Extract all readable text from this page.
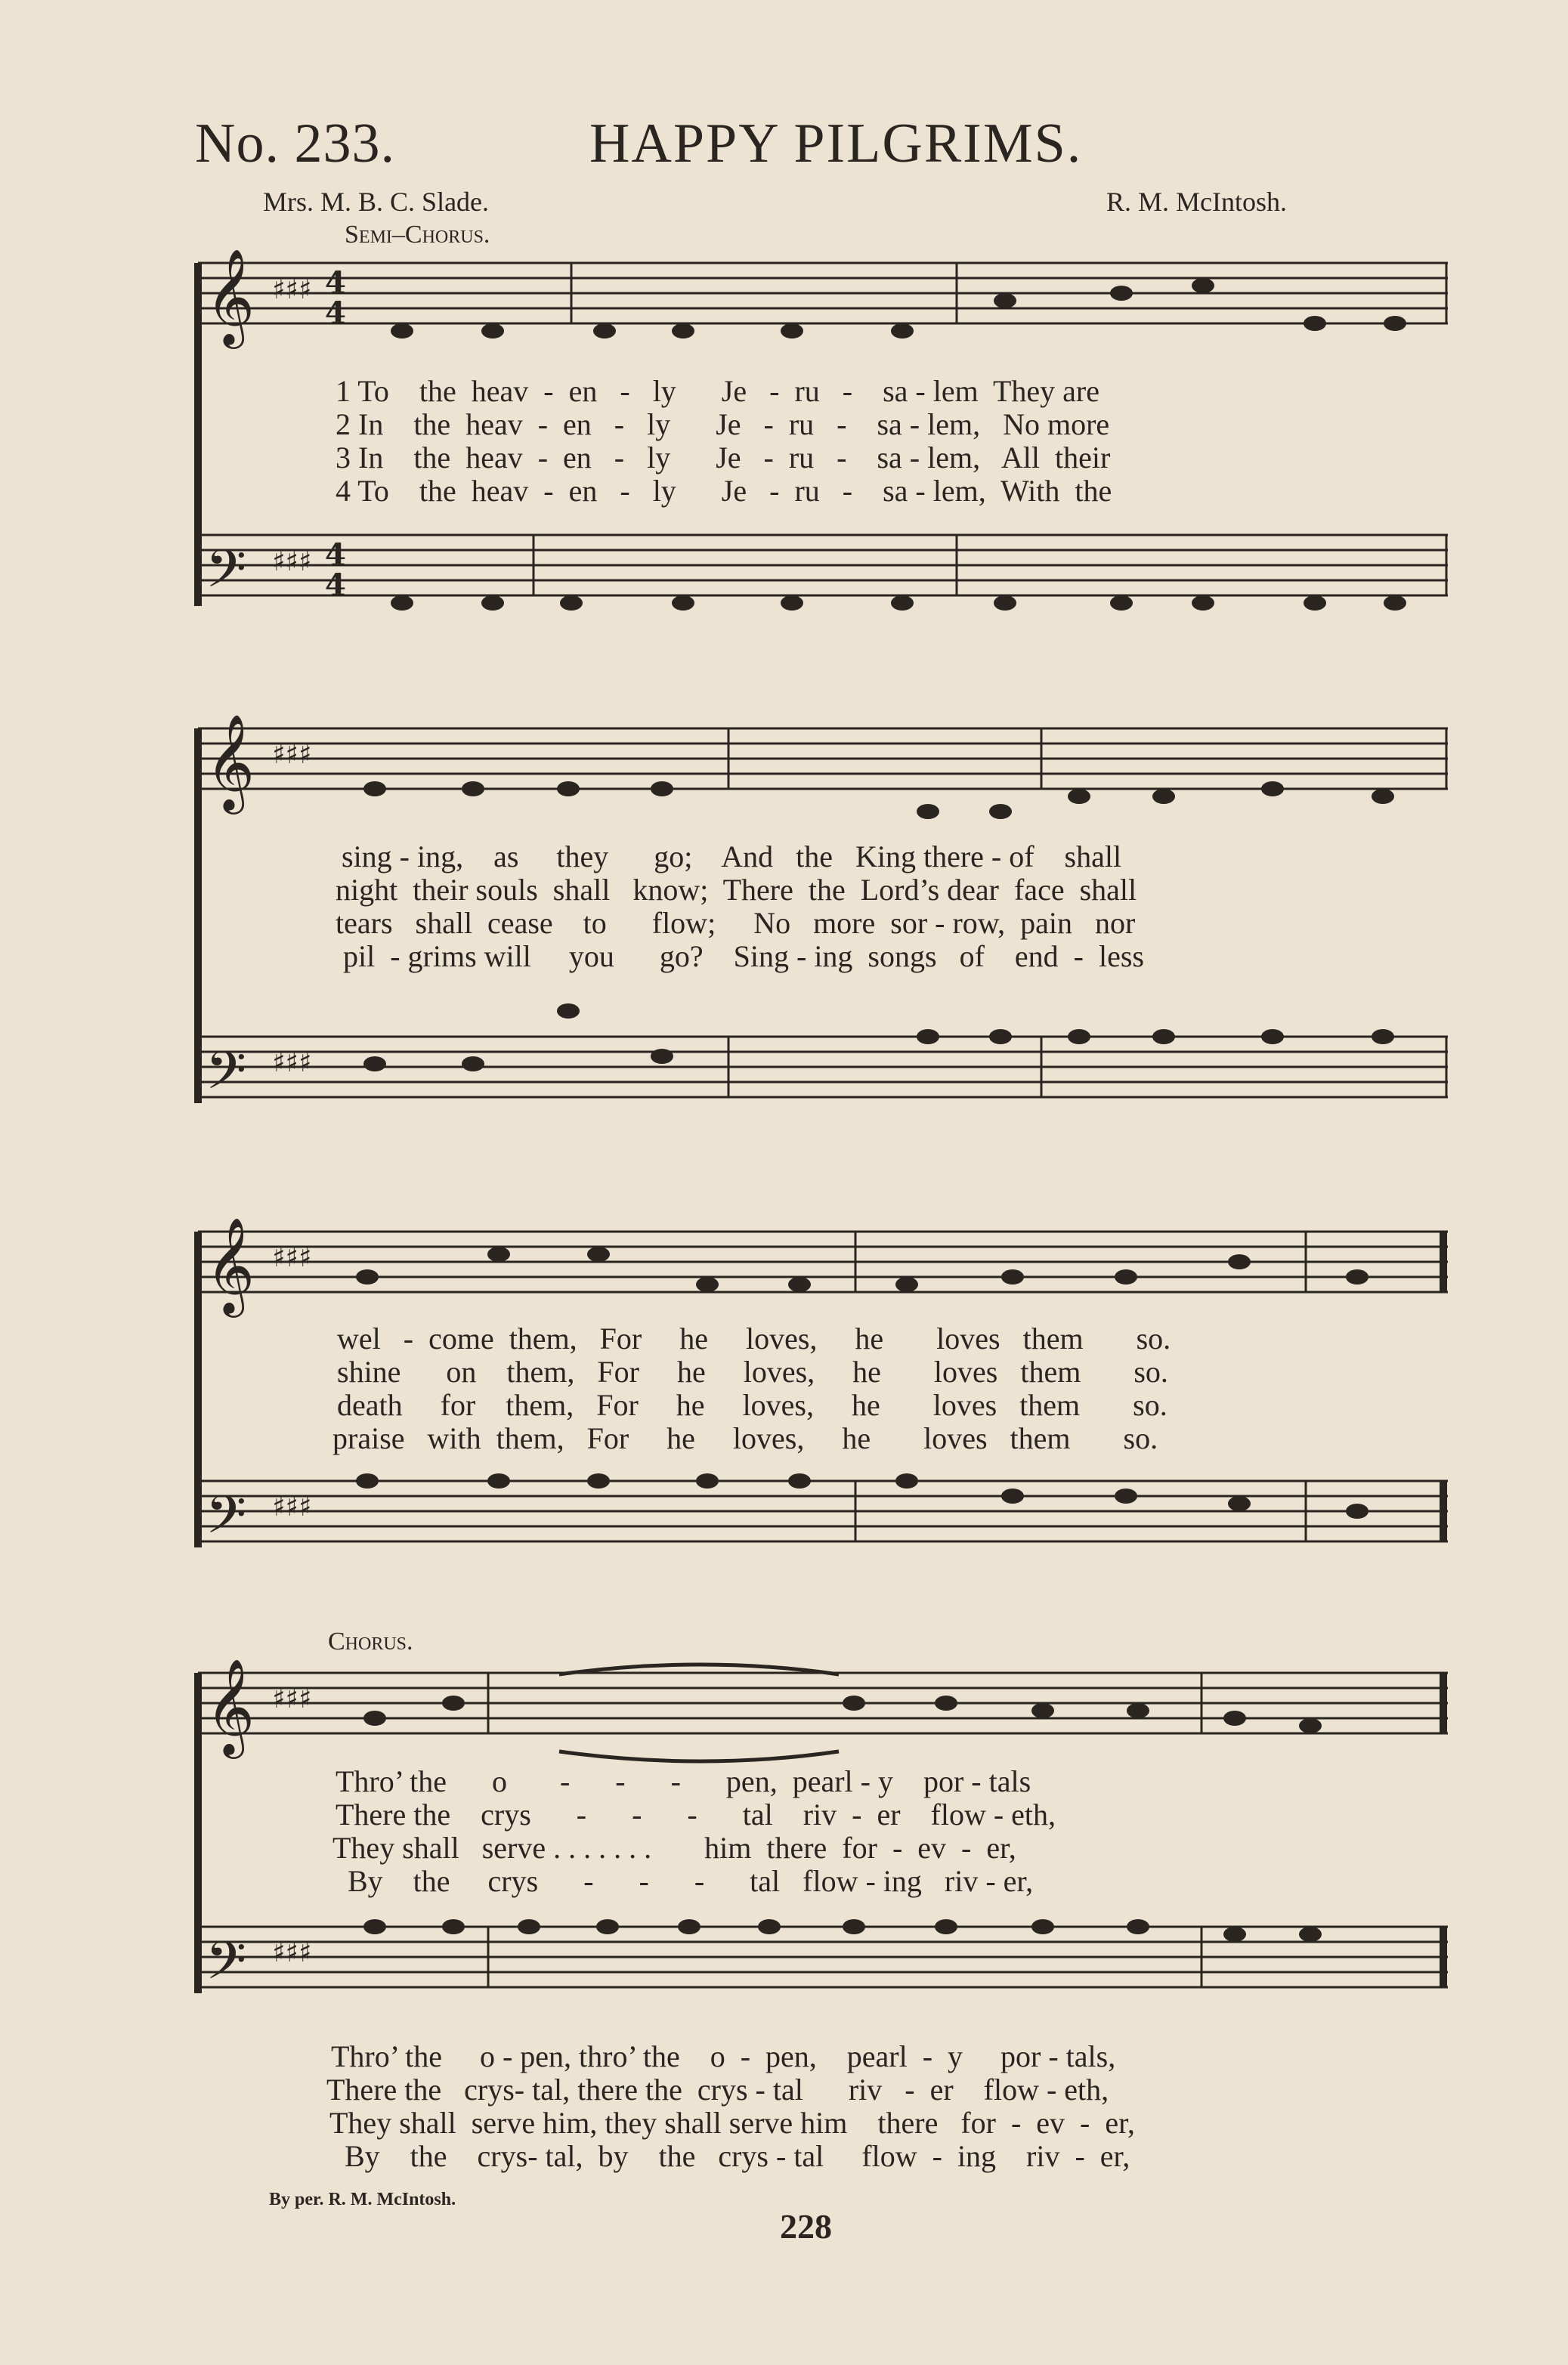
No. 233.	HAPPY PILGRIMS.
Mrs. M. B. C. Slade.	R. M. McIntosh.
Semi–Chorus.
Chorus.
𝄞
𝄢
4
4
4
4
♯♯♯
♯♯♯
𝄞
𝄢
♯♯♯
♯♯♯
𝄞
𝄢
♯♯♯
♯♯♯
𝄞
𝄢
♯♯♯
♯♯♯
1 To    the  heav  -  en   -   ly      Je   -  ru   -    sa - lem  They are
2 In    the  heav  -  en   -   ly      Je   -  ru   -    sa - lem,   No more
3 In    the  heav  -  en   -   ly      Je   -  ru   -    sa - lem,   All  their
4 To    the  heav  -  en   -   ly      Je   -  ru   -    sa - lem,  With  the
sing - ing,    as     they      go;    And   the   King there - of    shall
night  their souls  shall   know;  There  the  Lord’s dear  face  shall
tears   shall  cease    to      flow;     No   more  sor - row,  pain   nor
pil  - grims will     you      go?    Sing - ing  songs   of    end  -  less
wel   -  come  them,   For     he     loves,     he       loves   them       so.
shine      on    them,   For     he     loves,     he       loves   them       so.
death     for    them,   For     he     loves,     he       loves   them       so.
praise   with  them,   For     he     loves,     he       loves   them       so.
Thro’ the      o       -      -      -      pen,  pearl - y    por - tals
There the    crys      -      -      -      tal    riv  -  er    flow - eth,
They shall   serve . . . . . . .       him  there  for  -  ev  -  er,
By    the     crys      -      -      -      tal   flow - ing   riv - er,
Thro’ the     o - pen, thro’ the    o  -  pen,    pearl  -  y     por - tals,
There the   crys- tal, there the  crys - tal      riv   -  er    flow - eth,
They shall  serve him, they shall serve him    there   for  -  ev  -  er,
By    the    crys- tal,  by    the   crys - tal     flow  -  ing    riv  -  er,
By per. R. M. McIntosh.
228
